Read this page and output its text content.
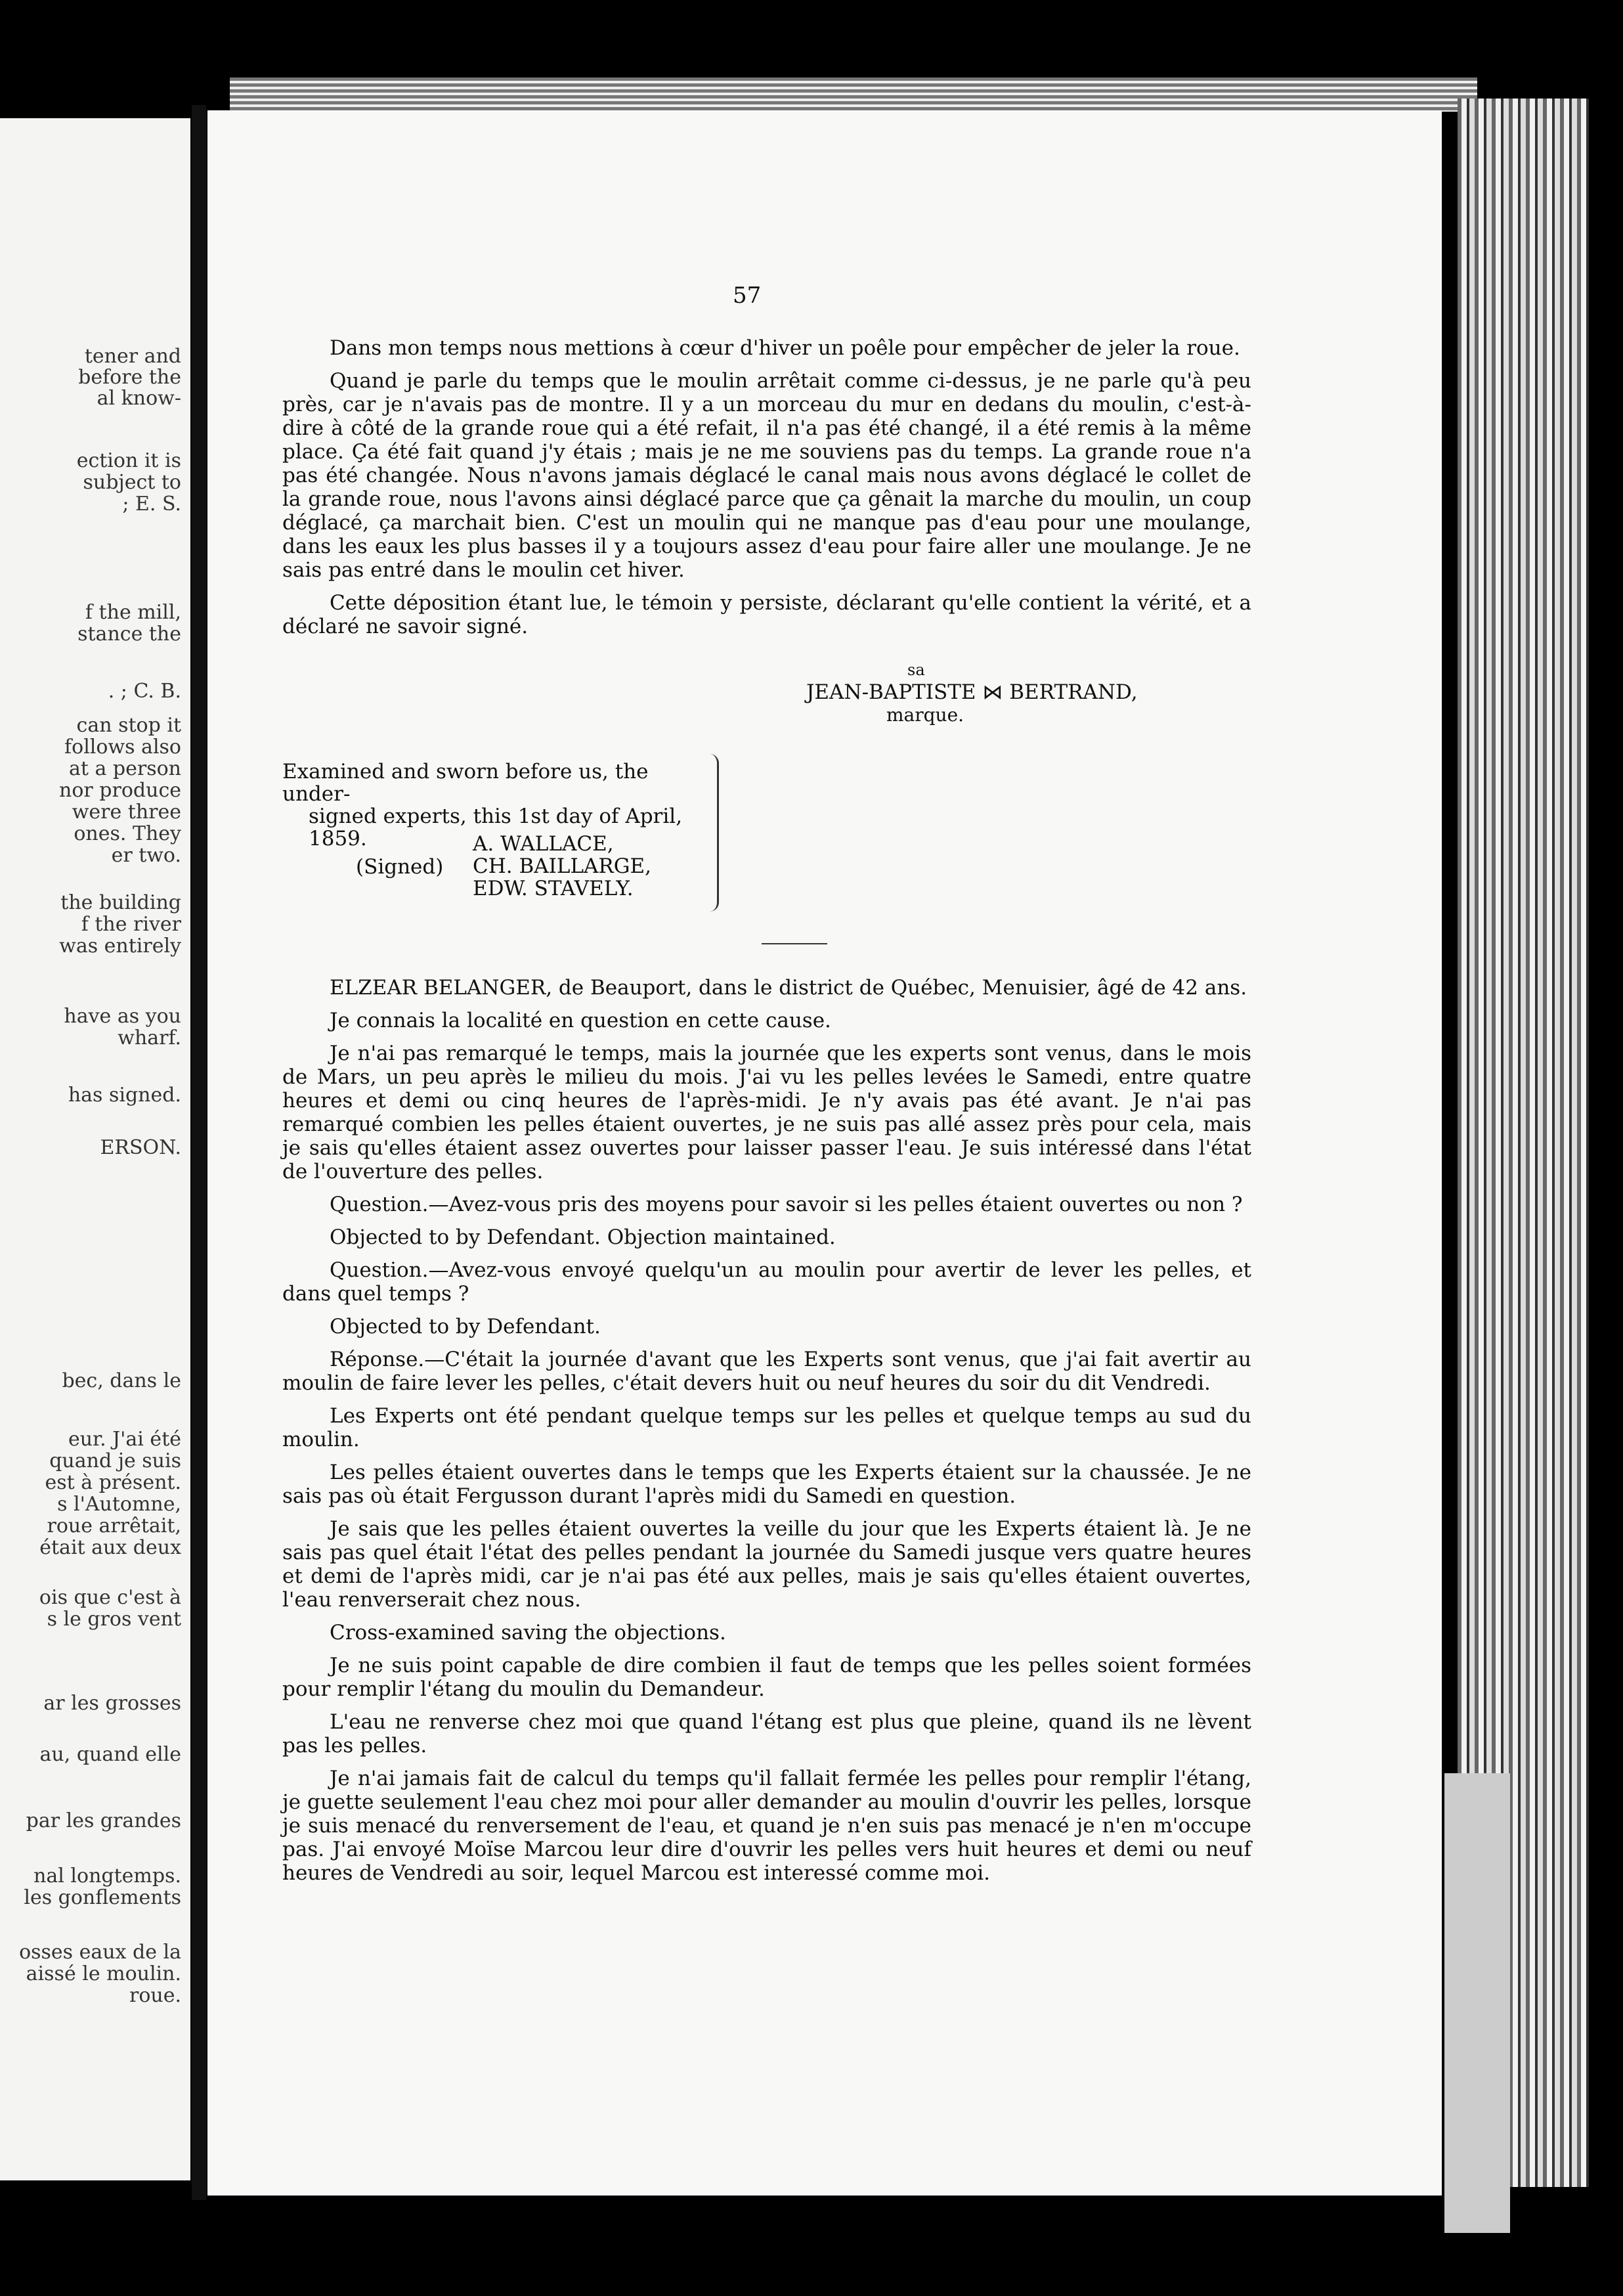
tener and
before the
al know-
ection it is
subject to
; E. S.
f the mill,
stance the
. ; C. B.
can stop it
follows also
at a person
nor produce
were three
ones. They
er two.
the building
f the river
was entirely
have as you
wharf.
has signed.
ERSON.
bec, dans le
eur. J'ai été
quand je suis
est à présent.
s l'Automne,
roue arrêtait,
était aux deux
ois que c'est à
s le gros vent
ar les grosses
au, quand elle
par les grandes
nal longtemps.
les gonflements
osses eaux de la
aissé le moulin.
roue.
57

Dans mon temps nous mettions à cœur d'hiver un poêle pour empêcher de jeler la roue.

Quand je parle du temps que le moulin arrêtait comme ci-dessus, je ne parle qu'à peu près, car je n'avais pas de montre. Il y a un morceau du mur en dedans du moulin, c'est-à-dire à côté de la grande roue qui a été refait, il n'a pas été changé, il a été remis à la même place. Ça été fait quand j'y étais ; mais je ne me souviens pas du temps. La grande roue n'a pas été changée. Nous n'avons jamais déglacé le canal mais nous avons déglacé le collet de la grande roue, nous l'avons ainsi déglacé parce que ça gênait la marche du moulin, un coup déglacé, ça marchait bien. C'est un moulin qui ne manque pas d'eau pour une moulange, dans les eaux les plus basses il y a toujours assez d'eau pour faire aller une moulange. Je ne sais pas entré dans le moulin cet hiver.

Cette déposition étant lue, le témoin y persiste, déclarant qu'elle contient la vérité, et a déclaré ne savoir signé.

sa
JEAN-BAPTISTE ⋈ BERTRAND,
marque.
Examined and sworn before us, the under-
signed experts, this 1st day of April,
1859.
(Signed)
A. WALLACE,
CH. BAILLARGE,
EDW. STAVELY.

ELZEAR BELANGER, de Beauport, dans le district de Québec, Menuisier, âgé de 42 ans.

Je connais la localité en question en cette cause.

Je n'ai pas remarqué le temps, mais la journée que les experts sont venus, dans le mois de Mars, un peu après le milieu du mois. J'ai vu les pelles levées le Samedi, entre quatre heures et demi ou cinq heures de l'après-midi. Je n'y avais pas été avant. Je n'ai pas remarqué combien les pelles étaient ouvertes, je ne suis pas allé assez près pour cela, mais je sais qu'elles étaient assez ouvertes pour laisser passer l'eau. Je suis intéressé dans l'état de l'ouverture des pelles.

Question.—Avez-vous pris des moyens pour savoir si les pelles étaient ouvertes ou non ?

Objected to by Defendant. Objection maintained.

Question.—Avez-vous envoyé quelqu'un au moulin pour avertir de lever les pelles, et dans quel temps ?

Objected to by Defendant.

Réponse.—C'était la journée d'avant que les Experts sont venus, que j'ai fait avertir au moulin de faire lever les pelles, c'était devers huit ou neuf heures du soir du dit Vendredi.

Les Experts ont été pendant quelque temps sur les pelles et quelque temps au sud du moulin.

Les pelles étaient ouvertes dans le temps que les Experts étaient sur la chaussée. Je ne sais pas où était Fergusson durant l'après midi du Samedi en question.

Je sais que les pelles étaient ouvertes la veille du jour que les Experts étaient là. Je ne sais pas quel était l'état des pelles pendant la journée du Samedi jusque vers quatre heures et demi de l'après midi, car je n'ai pas été aux pelles, mais je sais qu'elles étaient ouvertes, l'eau renverserait chez nous.

Cross-examined saving the objections.

Je ne suis point capable de dire combien il faut de temps que les pelles soient formées pour remplir l'étang du moulin du Demandeur.

L'eau ne renverse chez moi que quand l'étang est plus que pleine, quand ils ne lèvent pas les pelles.

Je n'ai jamais fait de calcul du temps qu'il fallait fermée les pelles pour remplir l'étang, je guette seulement l'eau chez moi pour aller demander au moulin d'ouvrir les pelles, lorsque je suis menacé du renversement de l'eau, et quand je n'en suis pas menacé je n'en m'occupe pas. J'ai envoyé Moïse Marcou leur dire d'ouvrir les pelles vers huit heures et demi ou neuf heures de Vendredi au soir, lequel Marcou est interessé comme moi.
